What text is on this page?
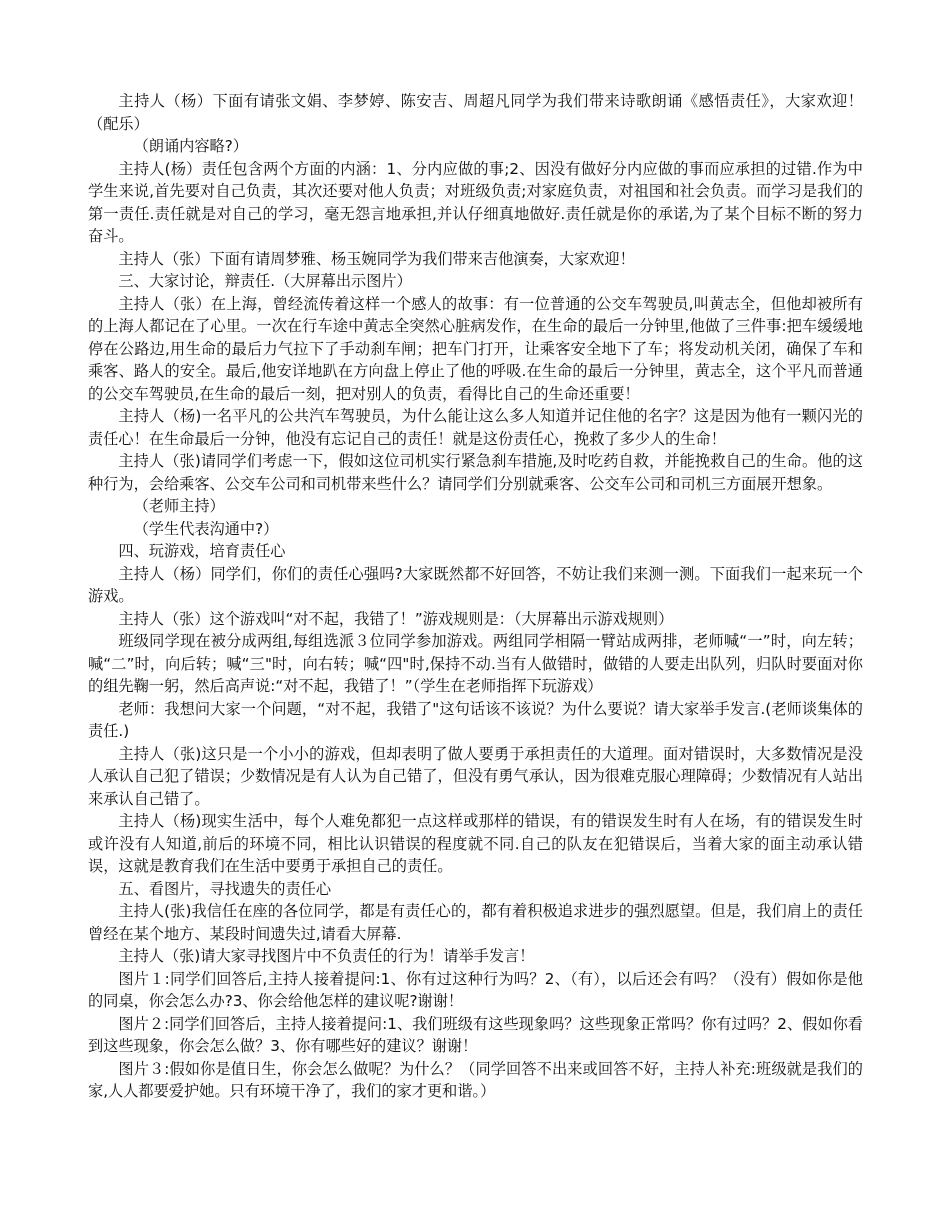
主持人（杨）下面有请张文娟、李梦婷、陈安吉、周超凡同学为我们带来诗歌朗诵《感悟责任》，大家欢迎！（配乐）

（朗诵内容略?）

主持人(杨）责任包含两个方面的内涵：1、分内应做的事;2、因没有做好分内应做的事而应承担的过错.作为中学生来说,首先要对自己负责，其次还要对他人负责；对班级负责;对家庭负责，对祖国和社会负责。而学习是我们的第一责任.责任就是对自己的学习，毫无怨言地承担,并认仔细真地做好.责任就是你的承诺,为了某个目标不断的努力奋斗。

主持人（张）下面有请周梦雅、杨玉婉同学为我们带来吉他演奏，大家欢迎！

三、大家讨论，辩责任.（大屏幕出示图片）

主持人（张）在上海，曾经流传着这样一个感人的故事：有一位普通的公交车驾驶员,叫黄志全，但他却被所有的上海人都记在了心里。一次在行车途中黄志全突然心脏病发作，在生命的最后一分钟里,他做了三件事:把车缓缓地停在公路边,用生命的最后力气拉下了手动刹车闸；把车门打开，让乘客安全地下了车；将发动机关闭，确保了车和乘客、路人的安全。最后,他安详地趴在方向盘上停止了他的呼吸.在生命的最后一分钟里，黄志全，这个平凡而普通的公交车驾驶员,在生命的最后一刻，把对别人的负责，看得比自己的生命还重要！

主持人（杨)一名平凡的公共汽车驾驶员，为什么能让这么多人知道并记住他的名字？这是因为他有一颗闪光的责任心！在生命最后一分钟，他没有忘记自己的责任！就是这份责任心，挽救了多少人的生命！

主持人（张)请同学们考虑一下，假如这位司机实行紧急刹车措施,及时吃药自救，并能挽救自己的生命。他的这种行为，会给乘客、公交车公司和司机带来些什么？请同学们分别就乘客、公交车公司和司机三方面展开想象。

（老师主持）

（学生代表沟通中?）

四、玩游戏，培育责任心

主持人（杨）同学们，你们的责任心强吗?大家既然都不好回答，不妨让我们来测一测。下面我们一起来玩一个游戏。

主持人（张）这个游戏叫“对不起，我错了！”游戏规则是：（大屏幕出示游戏规则）

班级同学现在被分成两组,每组选派３位同学参加游戏。两组同学相隔一臂站成两排，老师喊“一”时，向左转；喊“二”时，向后转；喊“三"时，向右转；喊“四"时,保持不动.当有人做错时，做错的人要走出队列，归队时要面对你的组先鞠一躬，然后高声说:“对不起，我错了！”（学生在老师指挥下玩游戏）

老师：我想问大家一个问题，“对不起，我错了"这句话该不该说？为什么要说？请大家举手发言.(老师谈集体的责任.)

主持人（张)这只是一个小小的游戏，但却表明了做人要勇于承担责任的大道理。面对错误时，大多数情况是没人承认自己犯了错误；少数情况是有人认为自己错了，但没有勇气承认，因为很难克服心理障碍；少数情况有人站出来承认自己错了。

主持人（杨)现实生活中，每个人难免都犯一点这样或那样的错误，有的错误发生时有人在场，有的错误发生时或许没有人知道,前后的环境不同，相比认识错误的程度就不同.自己的队友在犯错误后，当着大家的面主动承认错误，这就是教育我们在生活中要勇于承担自己的责任。

五、看图片，寻找遗失的责任心

主持人(张)我信任在座的各位同学，都是有责任心的，都有着积极追求进步的强烈愿望。但是，我们肩上的责任曾经在某个地方、某段时间遗失过,请看大屏幕.

主持人（张)请大家寻找图片中不负责任的行为！请举手发言！

图片１:同学们回答后,主持人接着提问:1、你有过这种行为吗？2、（有），以后还会有吗？（没有）假如你是他的同桌，你会怎么办?3、你会给他怎样的建议呢?谢谢！

图片２:同学们回答后，主持人接着提问:1、我们班级有这些现象吗？这些现象正常吗？你有过吗？2、假如你看到这些现象，你会怎么做？3、你有哪些好的建议？谢谢！

图片３:假如你是值日生，你会怎么做呢？为什么？（同学回答不出来或回答不好，主持人补充:班级就是我们的家,人人都要爱护她。只有环境干净了，我们的家才更和谐。）
